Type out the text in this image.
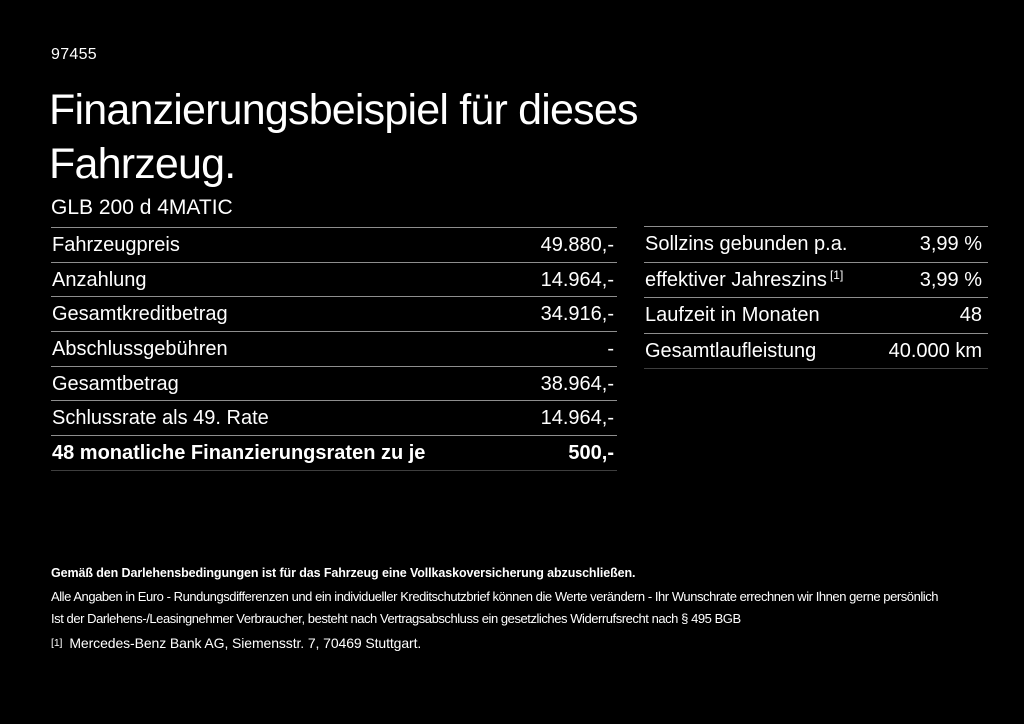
97455
Finanzierungsbeispiel für dieses
Fahrzeug.
GLB 200 d 4MATIC
Fahrzeugpreis	49.880,-
Anzahlung	14.964,-
Gesamtkreditbetrag	34.916,-
Abschlussgebühren	-
Gesamtbetrag	38.964,-
Schlussrate als 49. Rate	14.964,-
48 monatliche Finanzierungsraten zu je	500,-
Sollzins gebunden p.a.	3,99 %
effektiver Jahreszins [1]	3,99 %
Laufzeit in Monaten	48
Gesamtlaufleistung	40.000 km
Gemäß den Darlehensbedingungen ist für das Fahrzeug eine Vollkaskoversicherung abzuschließen.
Alle Angaben in Euro - Rundungsdifferenzen und ein individueller Kreditschutzbrief können die Werte verändern - Ihr Wunschrate errechnen wir Ihnen gerne persönlich
Ist der Darlehens-/Leasingnehmer Verbraucher, besteht nach Vertragsabschluss ein gesetzliches Widerrufsrecht nach § 495 BGB
[1] Mercedes-Benz Bank AG, Siemensstr. 7, 70469 Stuttgart.
